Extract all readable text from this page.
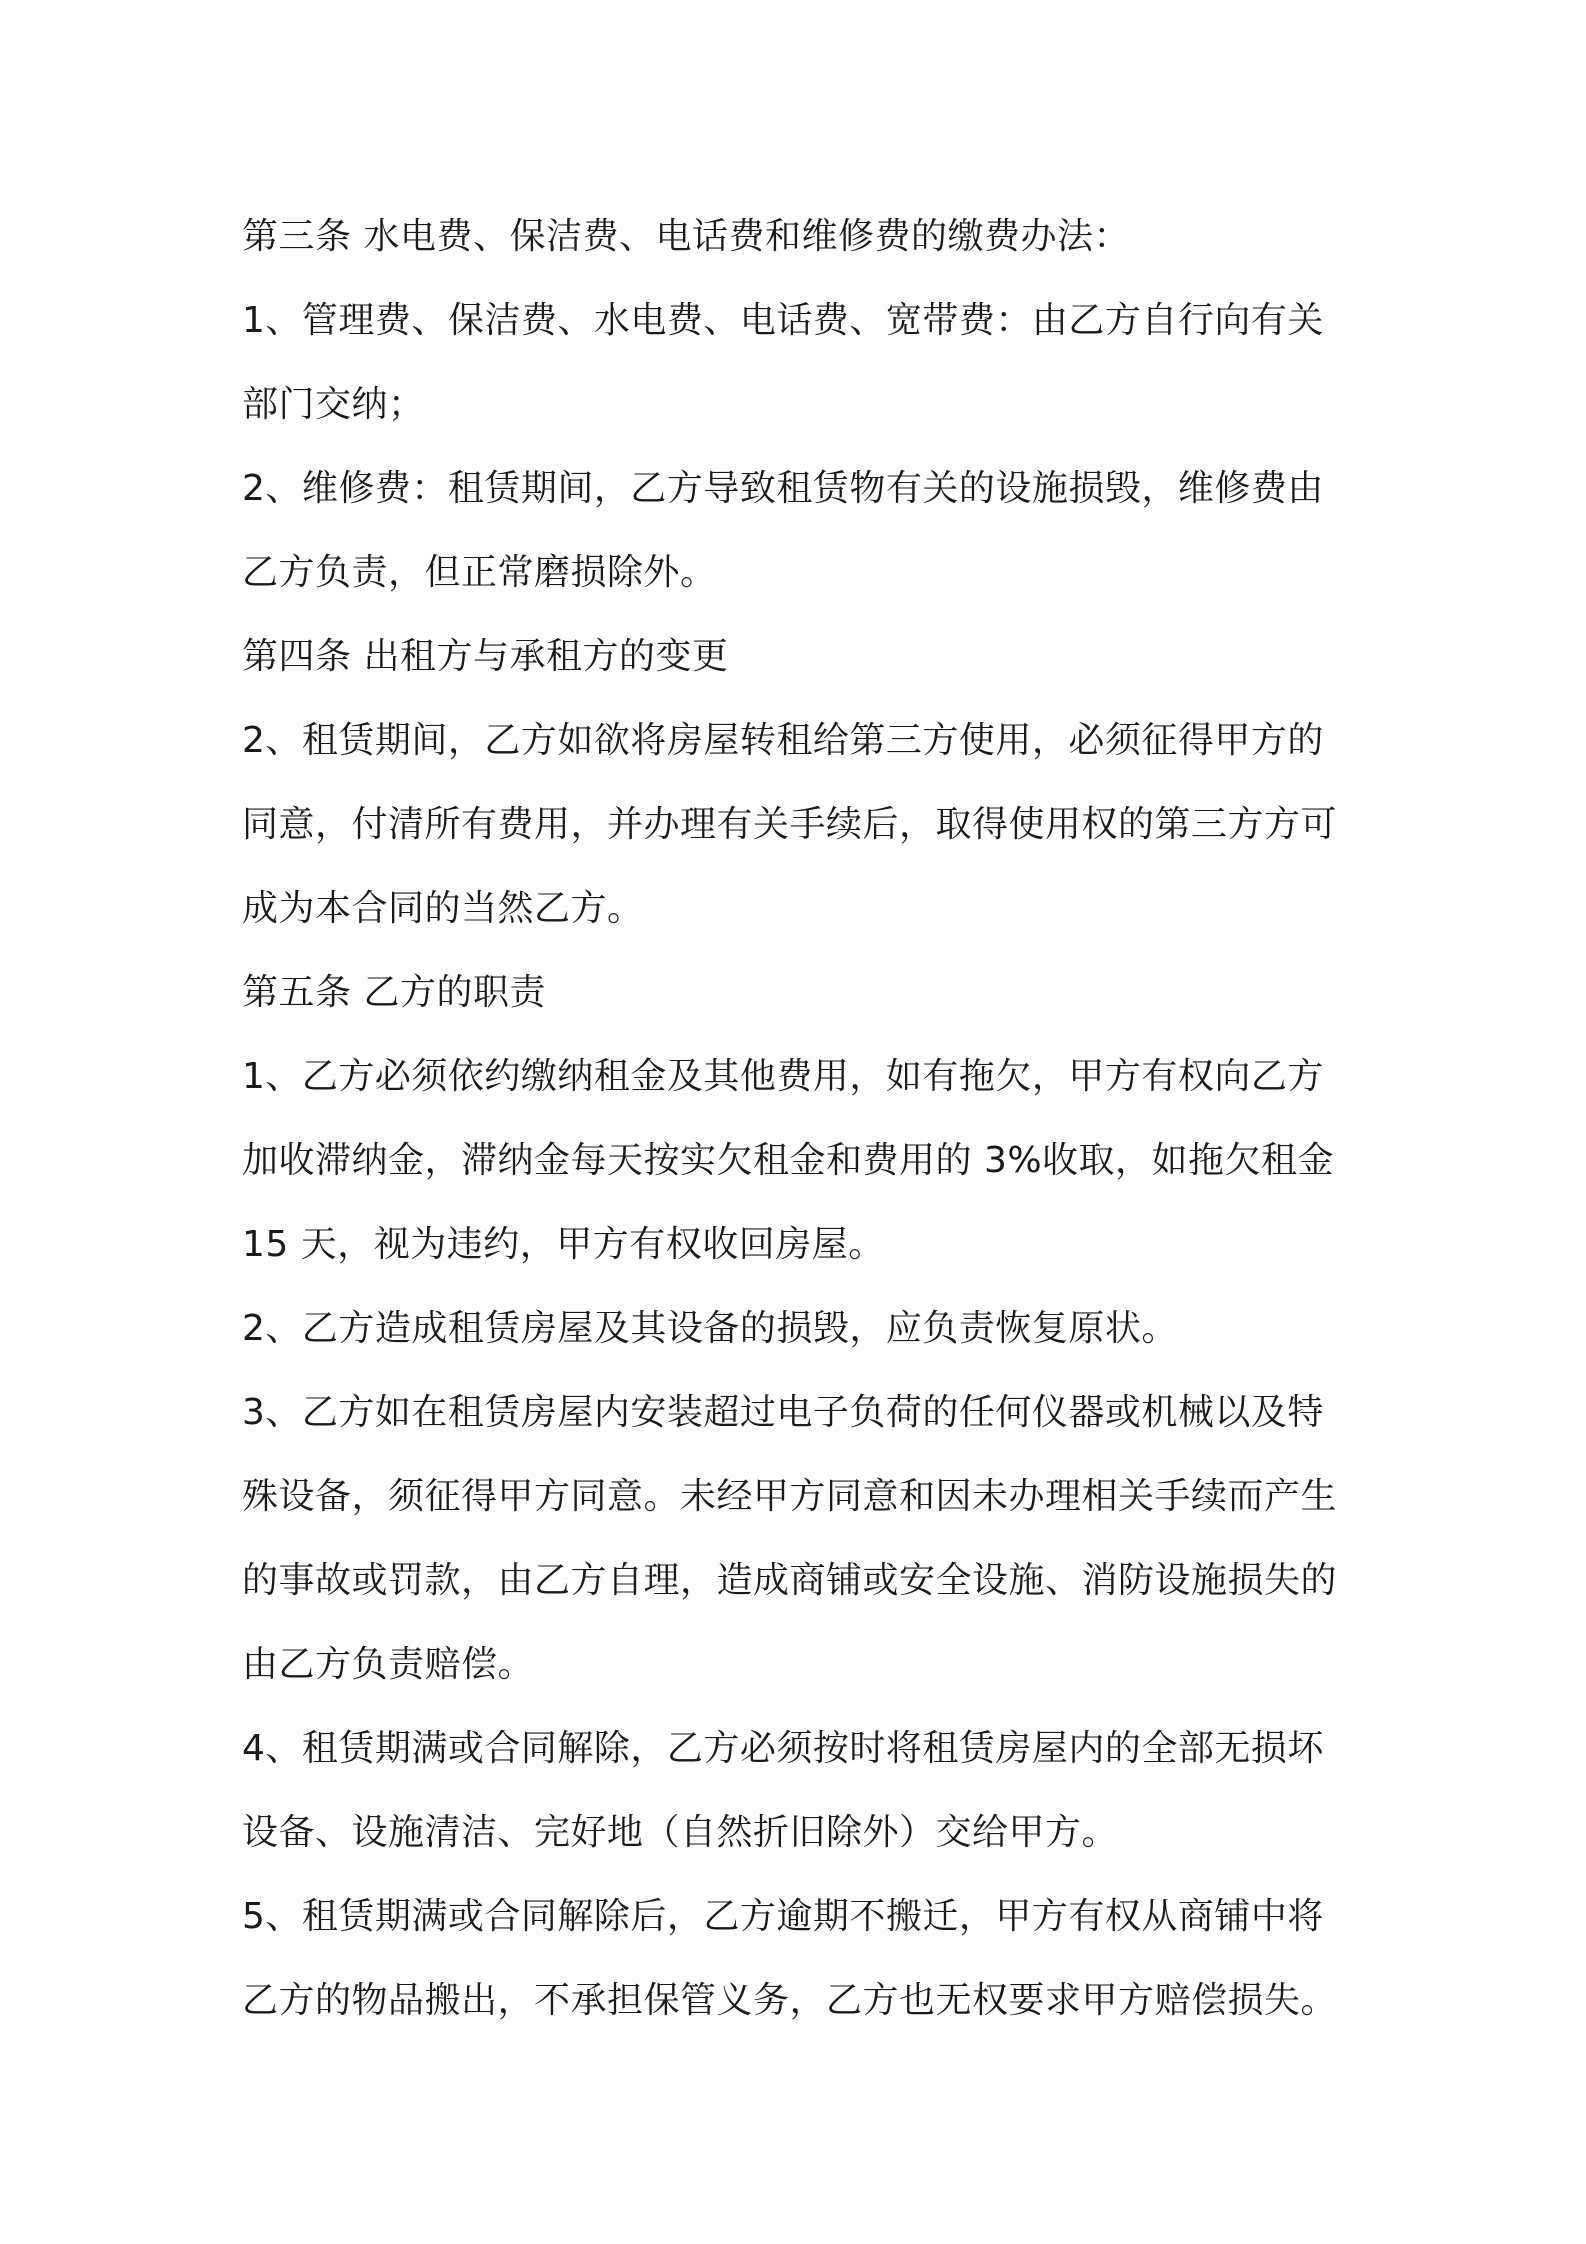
第三条 水电费、保洁费、电话费和维修费的缴费办法：
1、管理费、保洁费、水电费、电话费、宽带费：由乙方自行向有关
部门交纳；
2、维修费：租赁期间，乙方导致租赁物有关的设施损毁，维修费由
乙方负责，但正常磨损除外。
第四条 出租方与承租方的变更
2、租赁期间，乙方如欲将房屋转租给第三方使用，必须征得甲方的
同意，付清所有费用，并办理有关手续后，取得使用权的第三方方可
成为本合同的当然乙方。
第五条 乙方的职责
1、乙方必须依约缴纳租金及其他费用，如有拖欠，甲方有权向乙方
加收滞纳金，滞纳金每天按实欠租金和费用的 3%收取，如拖欠租金
15 天，视为违约，甲方有权收回房屋。
2、乙方造成租赁房屋及其设备的损毁，应负责恢复原状。
3、乙方如在租赁房屋内安装超过电子负荷的任何仪器或机械以及特
殊设备，须征得甲方同意。未经甲方同意和因未办理相关手续而产生
的事故或罚款，由乙方自理，造成商铺或安全设施、消防设施损失的
由乙方负责赔偿。
4、租赁期满或合同解除，乙方必须按时将租赁房屋内的全部无损坏
设备、设施清洁、完好地（自然折旧除外）交给甲方。
5、租赁期满或合同解除后，乙方逾期不搬迁，甲方有权从商铺中将
乙方的物品搬出，不承担保管义务，乙方也无权要求甲方赔偿损失。
